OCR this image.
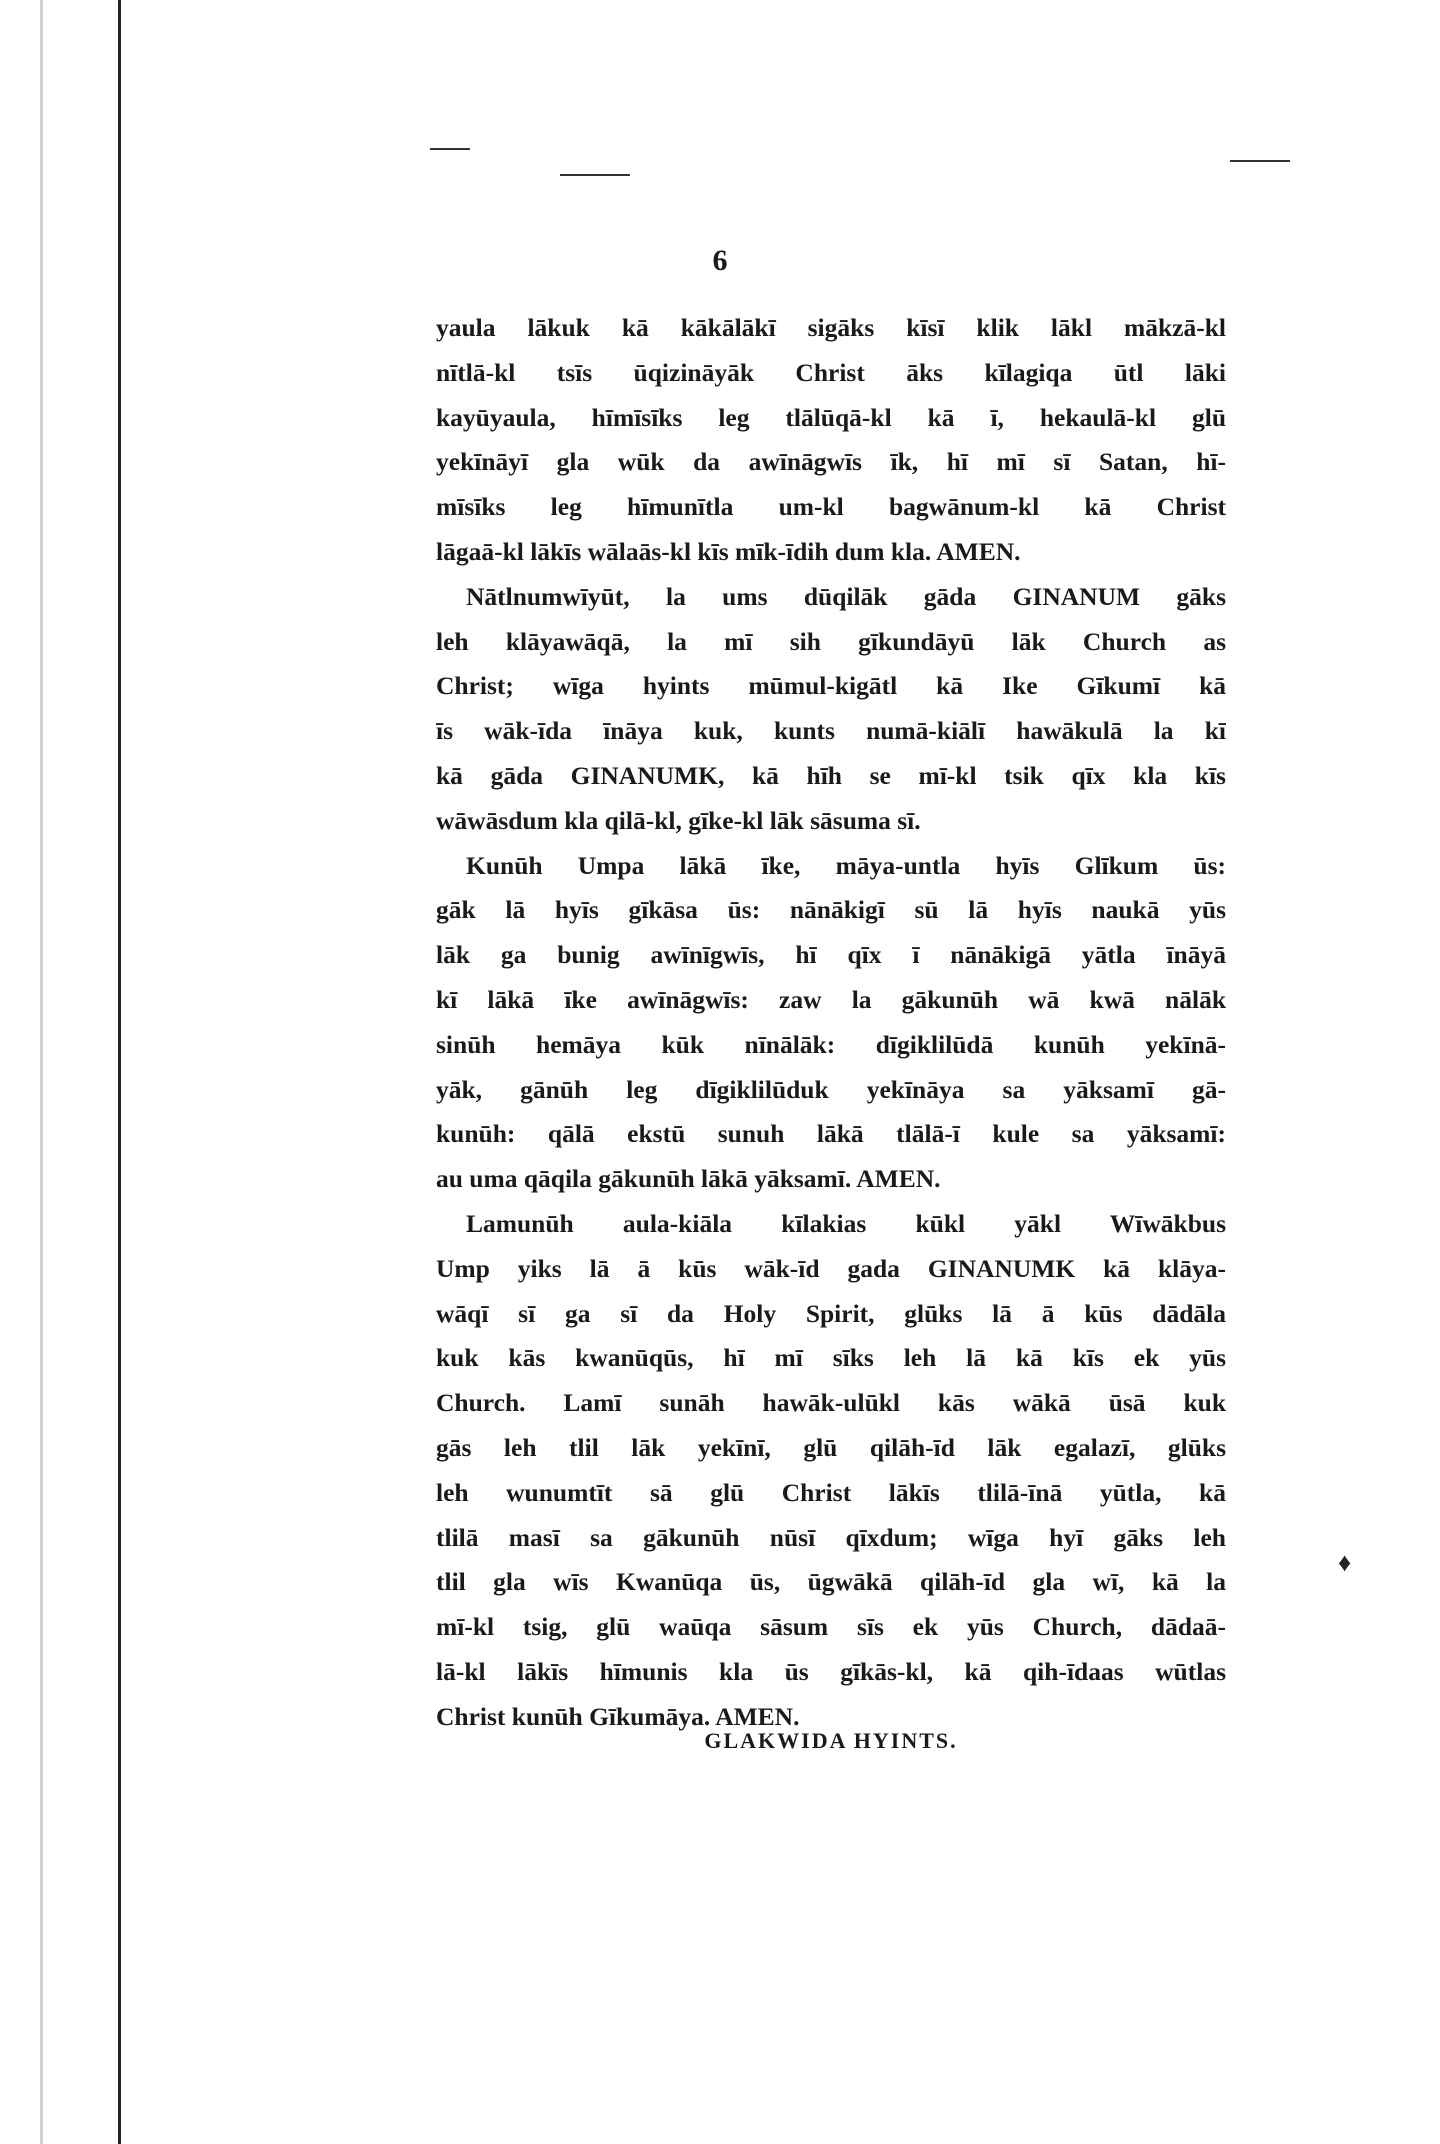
6
yaula lākuk kā kākālākī sigāks kīsī klik lākl mākzā-kl
nītlā-kl tsīs ūqizināyāk Christ āks kīlagiqa ūtl lāki
kayūyaula, hīmīsīks leg tlālūqā-kl kā ī, hekaulā-kl glū
yekīnāyī gla wūk da awīnāgwīs īk, hī mī sī Satan, hī-
mīsīks leg hīmunītla um-kl bagwānum-kl kā Christ
lāgaā-kl lākīs wālaās-kl kīs mīk-īdih dum kla. AMEN.
Nātlnumwīyūt, la ums dūqilāk gāda GINANUM gāks
leh klāyawāqā, la mī sih gīkundāyū lāk Church as
Christ; wīga hyints mūmul-kigātl kā Ike Gīkumī kā
īs wāk-īda īnāya kuk, kunts numā-kiālī hawākulā la kī
kā gāda GINANUMK, kā hīh se mī-kl tsik qīx kla kīs
wāwāsdum kla qilā-kl, gīke-kl lāk sāsuma sī.
Kunūh Umpa lākā īke, māya-untla hyīs Glīkum ūs:
gāk lā hyīs gīkāsa ūs: nānākigī sū lā hyīs naukā yūs
lāk ga bunig awīnīgwīs, hī qīx ī nānākigā yātla īnāyā
kī lākā īke awīnāgwīs: zaw la gākunūh wā kwā nālāk
sinūh hemāya kūk nīnālāk: dīgiklilūdā kunūh yekīnā-
yāk, gānūh leg dīgiklilūduk yekīnāya sa yāksamī gā-
kunūh: qālā ekstū sunuh lākā tlālā-ī kule sa yāksamī:
au uma qāqila gākunūh lākā yāksamī. AMEN.
Lamunūh aula-kiāla kīlakias kūkl yākl Wīwākbus
Ump yiks lā ā kūs wāk-īd gada GINANUMK kā klāya-
wāqī sī ga sī da Holy Spirit, glūks lā ā kūs dādāla
kuk kās kwanūqūs, hī mī sīks leh lā kā kīs ek yūs
Church. Lamī sunāh hawāk-ulūkl kās wākā ūsā kuk
gās leh tlil lāk yekīnī, glū qilāh-īd lāk egalazī, glūks
leh wunumtīt sā glū Christ lākīs tlilā-īnā yūtla, kā
tlilā masī sa gākunūh nūsī qīxdum; wīga hyī gāks leh
tlil gla wīs Kwanūqa ūs, ūgwākā qilāh-īd gla wī, kā la
mī-kl tsig, glū waūqa sāsum sīs ek yūs Church, dādaā-
lā-kl lākīs hīmunis kla ūs gīkās-kl, kā qih-īdaas wūtlas
Christ kunūh Gīkumāya. AMEN.
GLAKWIDA HYINTS.
♦
